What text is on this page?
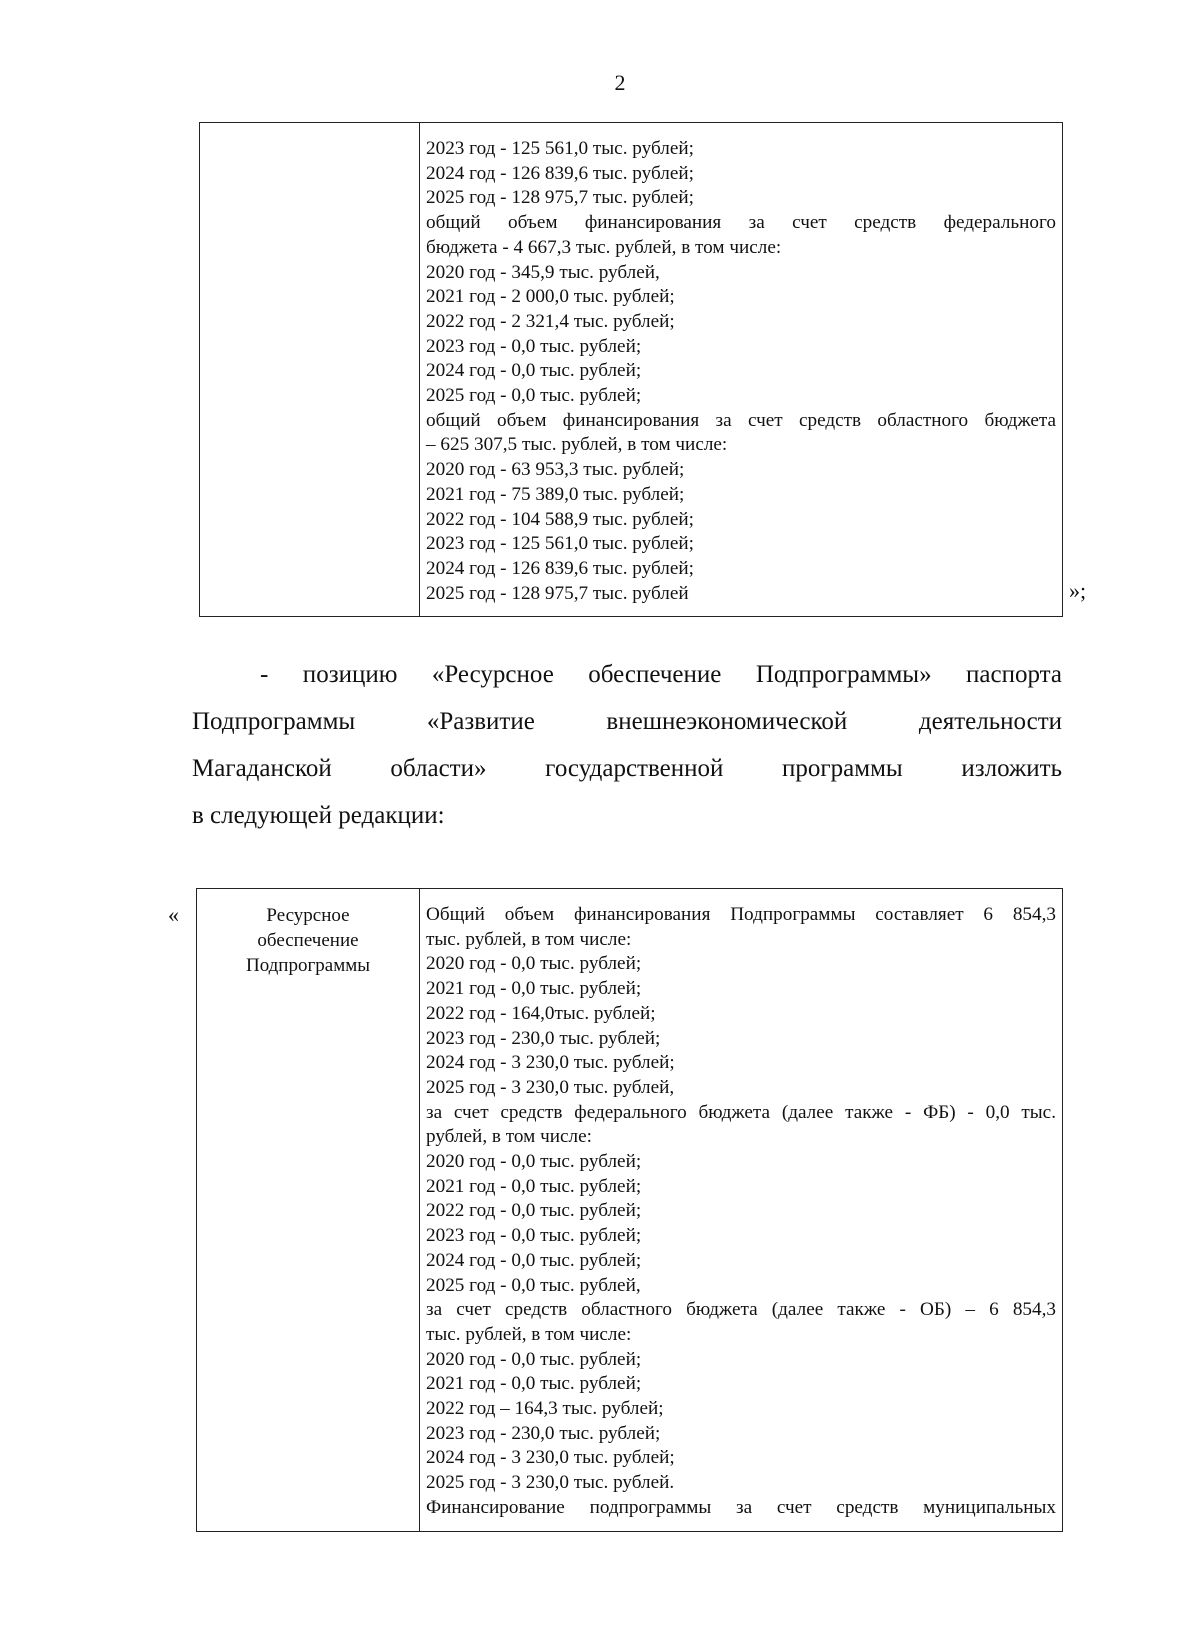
2

2023 год - 125 561,0 тыс. рублей;
2024 год - 126 839,6 тыс. рублей;
2025 год - 128 975,7 тыс. рублей;
общий объем финансирования за счет средств федерального
бюджета - 4 667,3 тыс. рублей, в том числе:
2020 год - 345,9 тыс. рублей,
2021 год - 2 000,0 тыс. рублей;
2022 год - 2 321,4 тыс. рублей;
2023 год - 0,0 тыс. рублей;
2024 год - 0,0 тыс. рублей;
2025 год - 0,0 тыс. рублей;
общий объем финансирования за счет средств областного бюджета
– 625 307,5 тыс. рублей, в том числе:
2020 год - 63 953,3 тыс. рублей;
2021 год - 75 389,0 тыс. рублей;
2022 год - 104 588,9 тыс. рублей;
2023 год - 125 561,0 тыс. рублей;
2024 год - 126 839,6 тыс. рублей;
2025 год - 128 975,7 тыс. рублей	»;
- позицию «Ресурсное обеспечение Подпрограммы» паспорта
Подпрограммы «Развитие внешнеэкономической деятельности
Магаданской области» государственной программы изложить
в следующей редакции:
«	Ресурсное
обеспечение
Подпрограммы

Общий объем финансирования Подпрограммы составляет 6 854,3
тыс. рублей, в том числе:
2020 год - 0,0 тыс. рублей;
2021 год - 0,0 тыс. рублей;
2022 год - 164,0тыс. рублей;
2023 год - 230,0 тыс. рублей;
2024 год - 3 230,0 тыс. рублей;
2025 год - 3 230,0 тыс. рублей,
за счет средств федерального бюджета (далее также - ФБ) - 0,0 тыс.
рублей, в том числе:
2020 год - 0,0 тыс. рублей;
2021 год - 0,0 тыс. рублей;
2022 год - 0,0 тыс. рублей;
2023 год - 0,0 тыс. рублей;
2024 год - 0,0 тыс. рублей;
2025 год - 0,0 тыс. рублей,
за счет средств областного бюджета (далее также - ОБ) – 6 854,3
тыс. рублей, в том числе:
2020 год - 0,0 тыс. рублей;
2021 год - 0,0 тыс. рублей;
2022 год – 164,3 тыс. рублей;
2023 год - 230,0 тыс. рублей;
2024 год - 3 230,0 тыс. рублей;
2025 год - 3 230,0 тыс. рублей.
Финансирование подпрограммы за счет средств муниципальных
